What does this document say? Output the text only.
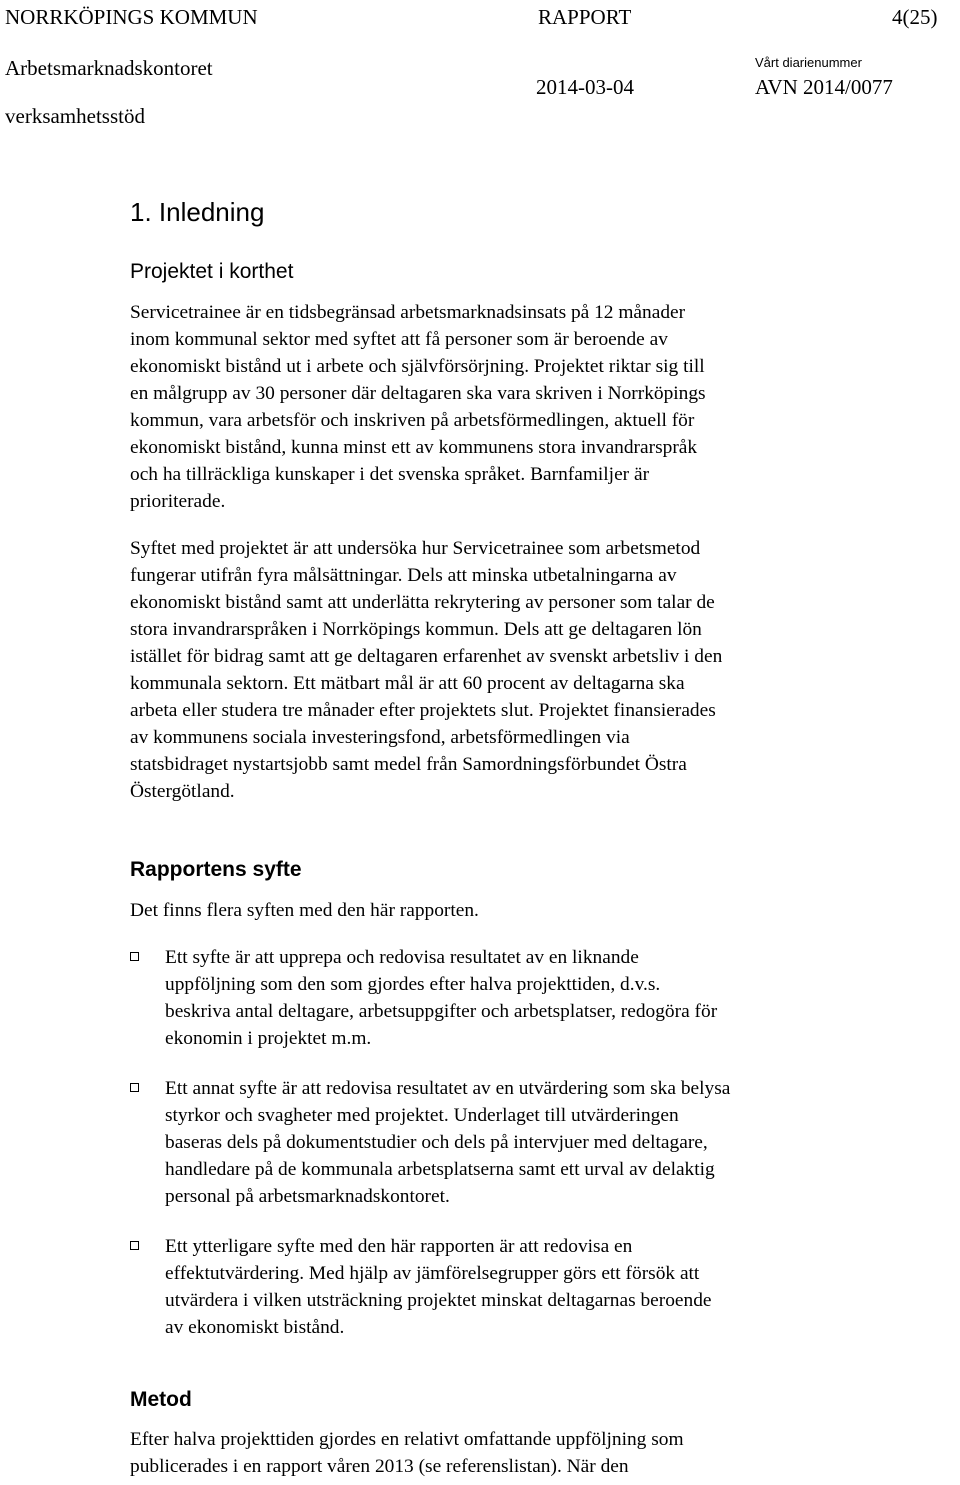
NORRKÖPINGS KOMMUN	RAPPORT	4(25)
Arbetsmarknadskontoret	Vårt diarienummer
2014-03-04	AVN 2014/0077
verksamhetsstöd
1. Inledning
Projektet i korthet

Servicetrainee är en tidsbegränsad arbetsmarknadsinsats på 12 månader
inom kommunal sektor med syftet att få personer som är beroende av
ekonomiskt bistånd ut i arbete och självförsörjning. Projektet riktar sig till
en målgrupp av 30 personer där deltagaren ska vara skriven i Norrköpings
kommun, vara arbetsför och inskriven på arbetsförmedlingen, aktuell för
ekonomiskt bistånd, kunna minst ett av kommunens stora invandrarspråk
och ha tillräckliga kunskaper i det svenska språket. Barnfamiljer är
prioriterade.

Syftet med projektet är att undersöka hur Servicetrainee som arbetsmetod
fungerar utifrån fyra målsättningar. Dels att minska utbetalningarna av
ekonomiskt bistånd samt att underlätta rekrytering av personer som talar de
stora invandrarspråken i Norrköpings kommun. Dels att ge deltagaren lön
istället för bidrag samt att ge deltagaren erfarenhet av svenskt arbetsliv i den
kommunala sektorn. Ett mätbart mål är att 60 procent av deltagarna ska
arbeta eller studera tre månader efter projektets slut. Projektet finansierades
av kommunens sociala investeringsfond, arbetsförmedlingen via
statsbidraget nystartsjobb samt medel från Samordningsförbundet Östra
Östergötland.

Rapportens syfte

Det finns flera syften med den här rapporten.

Ett syfte är att upprepa och redovisa resultatet av en liknande
uppföljning som den som gjordes efter halva projekttiden, d.v.s.
beskriva antal deltagare, arbetsuppgifter och arbetsplatser, redogöra för
ekonomin i projektet m.m.

Ett annat syfte är att redovisa resultatet av en utvärdering som ska belysa
styrkor och svagheter med projektet. Underlaget till utvärderingen
baseras dels på dokumentstudier och dels på intervjuer med deltagare,
handledare på de kommunala arbetsplatserna samt ett urval av delaktig
personal på arbetsmarknadskontoret.

Ett ytterligare syfte med den här rapporten är att redovisa en
effektutvärdering. Med hjälp av jämförelsegrupper görs ett försök att
utvärdera i vilken utsträckning projektet minskat deltagarnas beroende
av ekonomiskt bistånd.

Metod

Efter halva projekttiden gjordes en relativt omfattande uppföljning som
publicerades i en rapport våren 2013 (se referenslistan). När den
